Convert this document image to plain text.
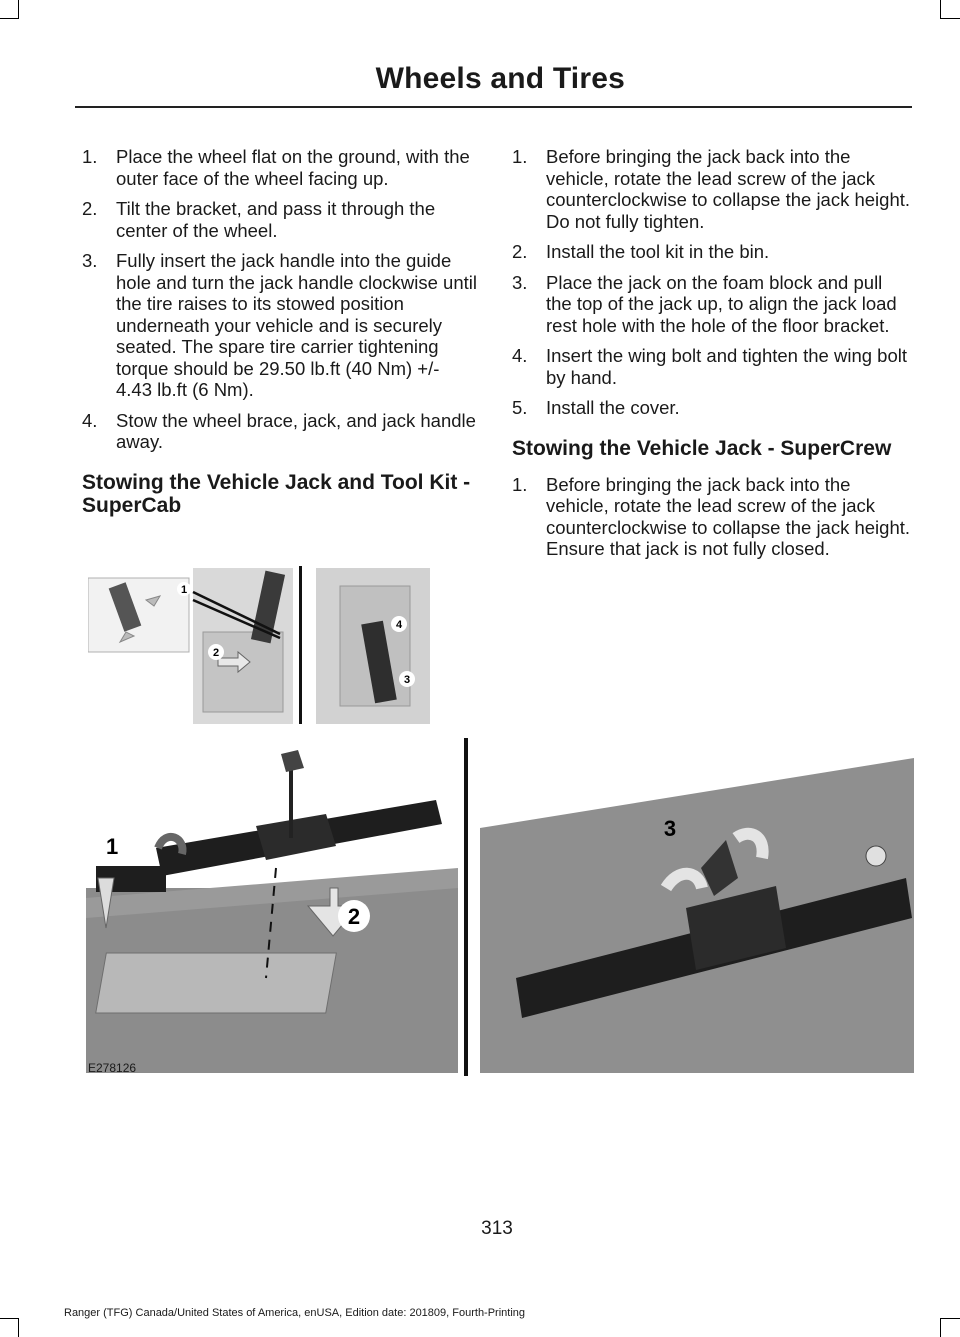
Wheels and Tires
1. Place the wheel flat on the ground, with the outer face of the wheel facing up.
2. Tilt the bracket, and pass it through the center of the wheel.
3. Fully insert the jack handle into the guide hole and turn the jack handle clockwise until the tire raises to its stowed position underneath your vehicle and is securely seated. The spare tire carrier tightening torque should be 29.50 lb.ft (40 Nm) +/- 4.43 lb.ft (6 Nm).
4. Stow the wheel brace, jack, and jack handle away.
Stowing the Vehicle Jack and Tool Kit - SuperCab
1. Before bringing the jack back into the vehicle, rotate the lead screw of the jack counterclockwise to collapse the jack height. Do not fully tighten.
2. Install the tool kit in the bin.
3. Place the jack on the foam block and pull the top of the jack up, to align the jack load rest hole with the hole of the floor bracket.
4. Insert the wing bolt and tighten the wing bolt by hand.
5. Install the cover.
Stowing the Vehicle Jack - SuperCrew
1. Before bringing the jack back into the vehicle, rotate the lead screw of the jack counterclockwise to collapse the jack height. Ensure that jack is not fully closed.
1
2
3
4
2
1
3
E278126
313
Ranger (TFG) Canada/United States of America, enUSA, Edition date: 201809, Fourth-Printing
